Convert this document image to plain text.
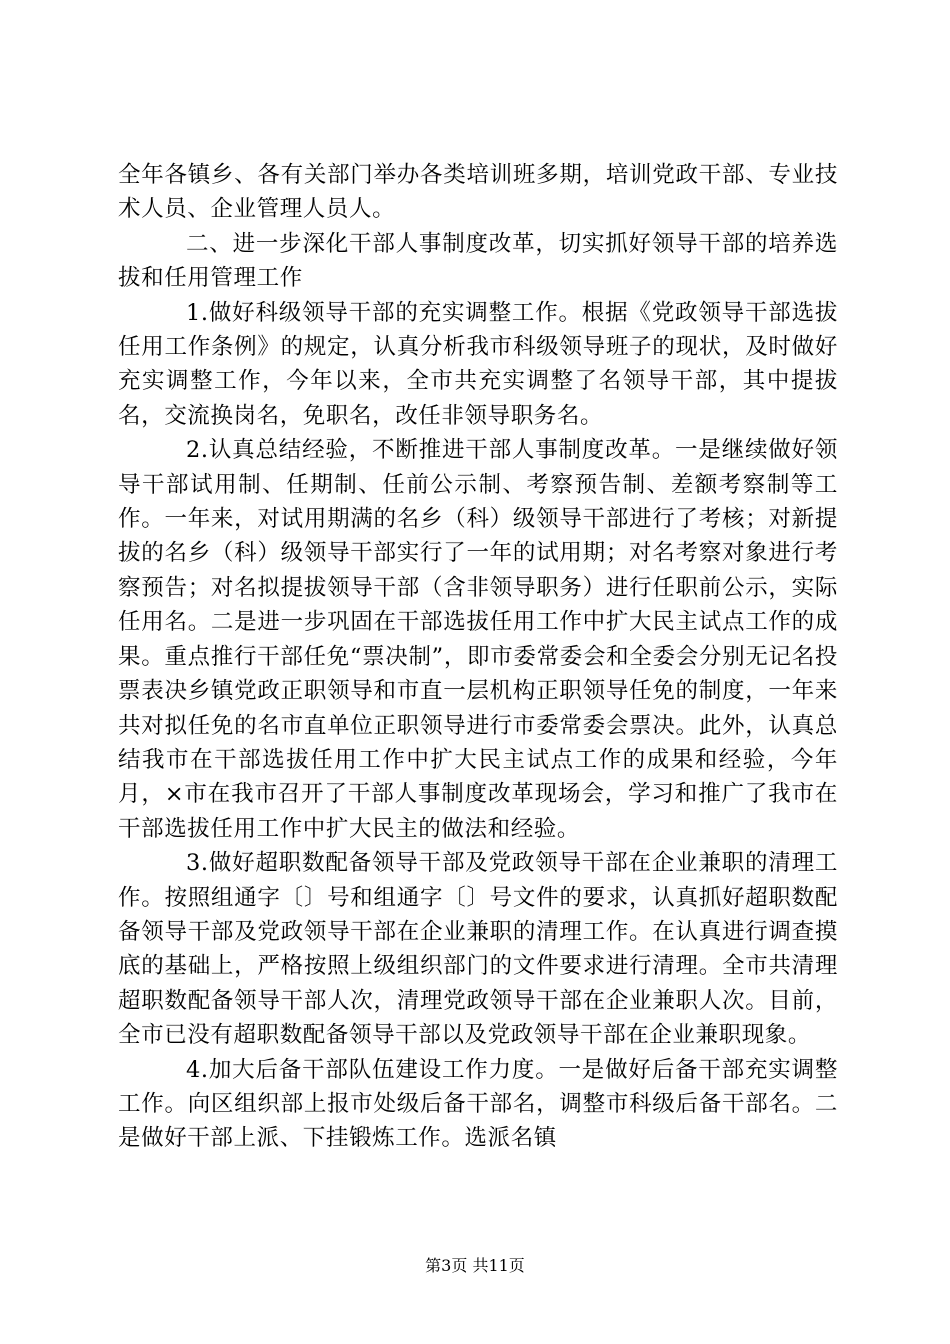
全年各镇乡、各有关部门举办各类培训班多期，培训党政干部、专业技术人员、企业管理人员人。

二、进一步深化干部人事制度改革，切实抓好领导干部的培养选拔和任用管理工作

1.做好科级领导干部的充实调整工作。根据《党政领导干部选拔任用工作条例》的规定，认真分析我市科级领导班子的现状，及时做好充实调整工作，今年以来，全市共充实调整了名领导干部，其中提拔名，交流换岗名，免职名，改任非领导职务名。

2.认真总结经验，不断推进干部人事制度改革。一是继续做好领导干部试用制、任期制、任前公示制、考察预告制、差额考察制等工作。一年来，对试用期满的名乡（科）级领导干部进行了考核；对新提拔的名乡（科）级领导干部实行了一年的试用期；对名考察对象进行考察预告；对名拟提拔领导干部（含非领导职务）进行任职前公示，实际任用名。二是进一步巩固在干部选拔任用工作中扩大民主试点工作的成果。重点推行干部任免“票决制”，即市委常委会和全委会分别无记名投票表决乡镇党政正职领导和市直一层机构正职领导任免的制度，一年来共对拟任免的名市直单位正职领导进行市委常委会票决。此外，认真总结我市在干部选拔任用工作中扩大民主试点工作的成果和经验，今年月，×市在我市召开了干部人事制度改革现场会，学习和推广了我市在干部选拔任用工作中扩大民主的做法和经验。

3.做好超职数配备领导干部及党政领导干部在企业兼职的清理工作。按照组通字〔〕号和组通字〔〕号文件的要求，认真抓好超职数配备领导干部及党政领导干部在企业兼职的清理工作。在认真进行调查摸底的基础上，严格按照上级组织部门的文件要求进行清理。全市共清理超职数配备领导干部人次，清理党政领导干部在企业兼职人次。目前，全市已没有超职数配备领导干部以及党政领导干部在企业兼职现象。

4.加大后备干部队伍建设工作力度。一是做好后备干部充实调整工作。向区组织部上报市处级后备干部名，调整市科级后备干部名。二是做好干部上派、下挂锻炼工作。选派名镇

第3页 共11页
